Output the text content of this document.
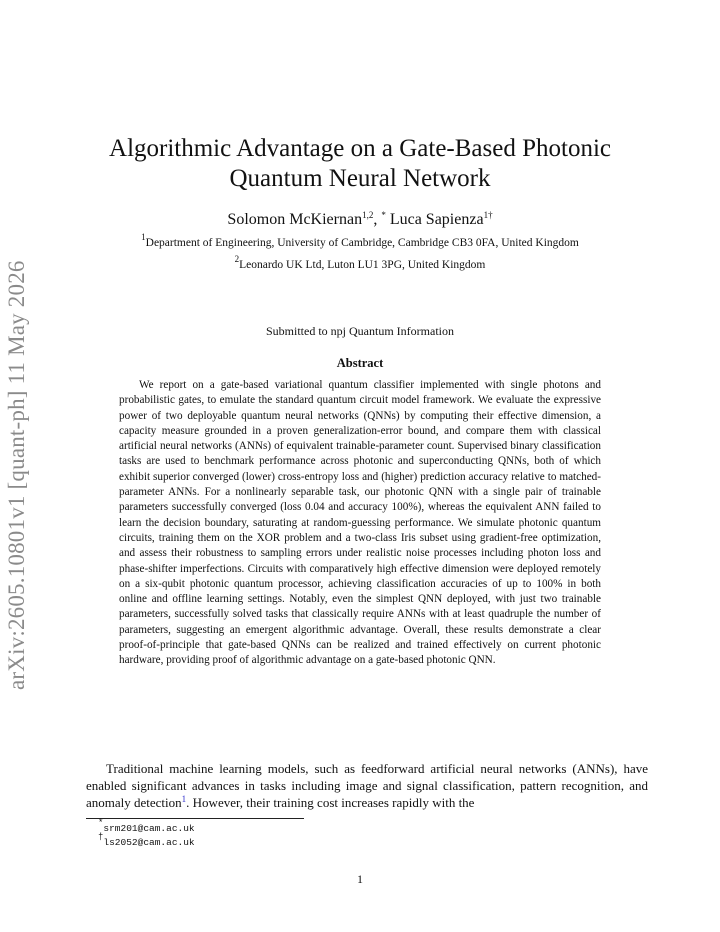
arXiv:2605.10801v1 [quant-ph] 11 May 2026
Algorithmic Advantage on a Gate-Based Photonic
Quantum Neural Network
Solomon McKiernan$^{1,2}$, * Luca Sapienza$^{1\dagger}$
$^1$Department of Engineering, University of Cambridge, Cambridge CB3 0FA, United Kingdom
$^2$Leonardo UK Ltd, Luton LU1 3PG, United Kingdom
Submitted to npj Quantum Information
Abstract
We report on a gate-based variational quantum classifier implemented with single photons and probabilistic gates, to emulate the standard quantum circuit model framework. We evaluate the expressive power of two deployable quantum neural networks (QNNs) by computing their effective dimension, a capacity measure grounded in a proven generalization-error bound, and compare them with classical artificial neural networks (ANNs) of equivalent trainable-parameter count. Supervised binary classification tasks are used to benchmark performance across photonic and superconducting QNNs, both of which exhibit superior converged (lower) cross-entropy loss and (higher) prediction accuracy relative to matched-parameter ANNs. For a nonlinearly separable task, our photonic QNN with a single pair of trainable parameters successfully converged (loss 0.04 and accuracy 100%), whereas the equivalent ANN failed to learn the decision boundary, saturating at random-guessing performance. We simulate photonic quantum circuits, training them on the XOR problem and a two-class Iris subset using gradient-free optimization, and assess their robustness to sampling errors under realistic noise processes including photon loss and phase-shifter imperfections. Circuits with comparatively high effective dimension were deployed remotely on a six-qubit photonic quantum processor, achieving classification accuracies of up to 100% in both online and offline learning settings. Notably, even the simplest QNN deployed, with just two trainable parameters, successfully solved tasks that classically require ANNs with at least quadruple the number of parameters, suggesting an emergent algorithmic advantage. Overall, these results demonstrate a clear proof-of-principle that gate-based QNNs can be realized and trained effectively on current photonic hardware, providing proof of algorithmic advantage on a gate-based photonic QNN.
Traditional machine learning models, such as feedforward artificial neural networks (ANNs), have enabled significant advances in tasks including image and signal classification, pattern recognition, and anomaly detection$^1$. However, their training cost increases rapidly with the
*srm201@cam.ac.uk
†ls2052@cam.ac.uk
1
